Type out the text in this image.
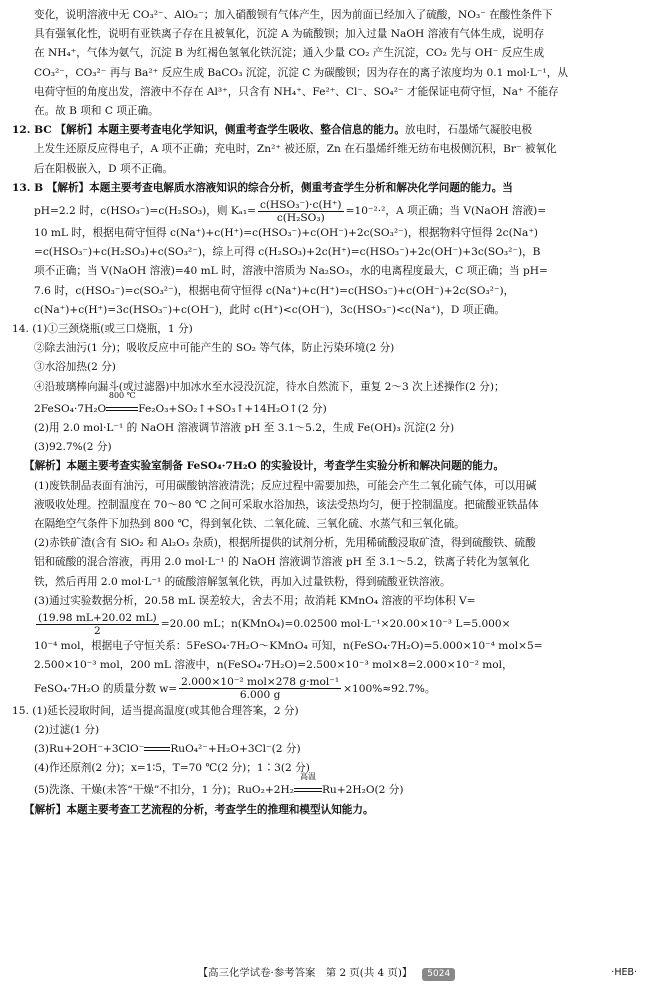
变化，说明溶液中无 CO₃²⁻、AlO₂⁻；加入硝酸钡有气体产生，因为前面已经加入了硫酸，NO₃⁻ 在酸性条件下
具有强氧化性，说明有亚铁离子存在且被氧化，沉淀 A 为硫酸钡；加入过量 NaOH 溶液有气体生成，说明存
在 NH₄⁺，气体为氨气，沉淀 B 为红褐色氢氧化铁沉淀；通入少量 CO₂ 产生沉淀，CO₂ 先与 OH⁻ 反应生成
CO₃²⁻，CO₃²⁻ 再与 Ba²⁺ 反应生成 BaCO₃ 沉淀，沉淀 C 为碳酸钡；因为存在的离子浓度均为 0.1 mol·L⁻¹，从
电荷守恒的角度出发，溶液中不存在 Al³⁺，只含有 NH₄⁺、Fe²⁺、Cl⁻、SO₄²⁻ 才能保证电荷守恒，Na⁺ 不能存
在。故 B 项和 C 项正确。
12. BC 【解析】本题主要考查电化学知识，侧重考查学生吸收、整合信息的能力。放电时，石墨烯气凝胶电极
上发生还原反应得电子，A 项不正确；充电时，Zn²⁺ 被还原，Zn 在石墨烯纤维无纺布电极侧沉积，Br⁻ 被氧化
后在阳极嵌入，D 项不正确。
13. B 【解析】本题主要考查电解质水溶液知识的综合分析，侧重考查学生分析和解决化学问题的能力。当
pH=2.2 时，c(HSO₃⁻)=c(H₂SO₃)，则 $K_{a1}= \frac{\text{c(HSO₃⁻)·c(H⁺)}}{\text{c(H₂SO₃)}} =10^{-2}\cdot^2$，A 项正确；当 V(NaOH 溶液)=
10 mL 时，根据电荷守恒得 c(Na⁺)+c(H⁺)=c(HSO₃⁻)+c(OH⁻)+2c(SO₃²⁻)，根据物料守恒得 2c(Na⁺)
=c(HSO₃⁻)+c(H₂SO₃)+c(SO₃²⁻)，综上可得 c(H₂SO₃)+2c(H⁺)=c(HSO₃⁻)+2c(OH⁻)+3c(SO₃²⁻)，B
项不正确；当 V(NaOH 溶液)=40 mL 时，溶液中溶质为 Na₂SO₃，水的电离程度最大，C 项正确；当 pH=
7.6 时，c(HSO₃⁻)=c(SO₃²⁻)，根据电荷守恒得 c(Na⁺)+c(H⁺)=c(HSO₃⁻)+c(OH⁻)+2c(SO₃²⁻)，
c(Na⁺)+c(H⁺)=3c(HSO₃⁻)+c(OH⁻)，此时 c(H⁺)<c(OH⁻)，3c(HSO₃⁻)<c(Na⁺)，D 项正确。
14. (1)①三颈烧瓶(或三口烧瓶，1 分)
②除去油污(1 分)；吸收反应中可能产生的 SO₂ 等气体，防止污染环境(2 分)
③水浴加热(2 分)
④沿玻璃棒向漏斗(或过滤器)中加冰水至水浸没沉淀，待水自然流下，重复 2～3 次上述操作(2 分)；
2FeSO₄·7H₂O
800 ℃
Fe₂O₃+SO₂↑+SO₃↑+14H₂O↑(2 分)
(2)用 2.0 mol·L⁻¹ 的 NaOH 溶液调节溶液 pH 至 3.1～5.2，生成 Fe(OH)₃ 沉淀(2 分)
(3)92.7%(2 分)
【解析】本题主要考查实验室制备 FeSO₄·7H₂O 的实验设计，考查学生实验分析和解决问题的能力。
(1)废铁制品表面有油污，可用碳酸钠溶液清洗；反应过程中需要加热，可能会产生二氧化硫气体，可以用碱
液吸收处理。控制温度在 70～80 ℃ 之间可采取水浴加热，该法受热均匀，便于控制温度。把硫酸亚铁晶体
在隔绝空气条件下加热到 800 ℃，得到氧化铁、二氧化硫、三氧化硫、水蒸气和三氧化硫。
(2)赤铁矿渣(含有 SiO₂ 和 Al₂O₃ 杂质)，根据所提供的试剂分析，先用稀硫酸浸取矿渣，得到硫酸铁、硫酸
铝和硫酸的混合溶液，再用 2.0 mol·L⁻¹ 的 NaOH 溶液调节溶液 pH 至 3.1～5.2，铁离子转化为氢氧化
铁，然后再用 2.0 mol·L⁻¹ 的硫酸溶解氢氧化铁，再加入过量铁粉，得到硫酸亚铁溶液。
(3)通过实验数据分析，20.58 mL 误差较大，舍去不用；故消耗 KMnO₄ 溶液的平均体积 V=
$\frac{(19.98 mL+20.02 mL)}{2} =20.00$ mL；n(KMnO₄)=0.02500 mol·L⁻¹×20.00×10⁻³ L=5.000×
10⁻⁴ mol，根据电子守恒关系：5FeSO₄·7H₂O～KMnO₄ 可知，n(FeSO₄·7H₂O)=5.000×10⁻⁴ mol×5=
2.500×10⁻³ mol，200 mL 溶液中，n(FeSO₄·7H₂O)=2.500×10⁻³ mol×8=2.000×10⁻² mol，
FeSO₄·7H₂O 的质量分数 $w= \frac{\text{2.000×10⁻² mol×278 g·mol⁻¹}}{6.000 g} \times 100\%\approx 92.7\%$。
15. (1)延长浸取时间，适当提高温度(或其他合理答案，2 分)
(2)过滤(1 分)
(3)Ru+2OH⁻+3ClO⁻ RuO₄²⁻+H₂O+3Cl⁻(2 分)
(4)作还原剂(2 分)；x=1∶5，T=70 ℃(2 分)；1∶3(2 分)
(5)洗涤、干燥(未答“干燥”不扣分，1 分)；RuO₂+2H₂
高温
Ru+2H₂O(2 分)
【解析】本题主要考查工艺流程的分析，考查学生的推理和模型认知能力。
【高三化学试卷·参考答案　第 2 页(共 4 页)】 5024	·HEB·
